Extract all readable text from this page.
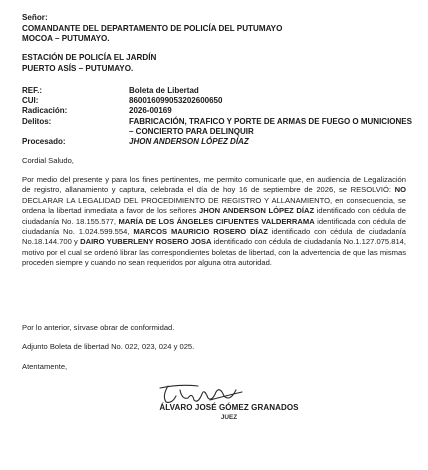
Señor:
COMANDANTE DEL DEPARTAMENTO DE POLICÍA DEL PUTUMAYO
MOCOA – PUTUMAYO.
ESTACIÓN DE POLICÍA EL JARDÍN
PUERTO ASÍS – PUTUMAYO.
REF.:	Boleta de Libertad
CUI:	860016099053202600650
Radicación:	2026-00169
Delitos:	FABRICACIÓN, TRAFICO Y PORTE DE ARMAS DE FUEGO O MUNICIONES – CONCIERTO PARA DELINQUIR
Procesado:	JHON ANDERSON LÓPEZ DÍAZ
Cordial Saludo,

Por medio del presente y para los fines pertinentes, me permito comunicarle que, en audiencia de Legalización de registro, allanamiento y captura, celebrada el día de hoy 16 de septiembre de 2026, se RESOLVIÓ: NO DECLARAR LA LEGALIDAD DEL PROCEDIMIENTO DE REGISTRO Y ALLANAMIENTO, en consecuencia, se ordena la libertad inmediata a favor de los señores JHON ANDERSON LÓPEZ DÍAZ identificado con cédula de ciudadanía No. 18.155.577, MARÍA DE LOS ÁNGELES CIFUENTES VALDERRAMA identificada con cédula de ciudadanía No. 1.024.599.554, MARCOS MAURICIO ROSERO DÍAZ identificado con cédula de ciudadanía No.18.144.700 y DAIRO YUBERLENY ROSERO JOSA identificado con cédula de ciudadanía No.1.127.075.814, motivo por el cual se ordenó librar las correspondientes boletas de libertad, con la advertencia de que las mismas proceden siempre y cuando no sean requeridos por alguna otra autoridad.

Por lo anterior, sírvase obrar de conformidad.
Adjunto Boleta de libertad No. 022, 023, 024 y 025.
Atentamente,
ÁLVARO JOSÉ GÓMEZ GRANADOS
JUEZ
